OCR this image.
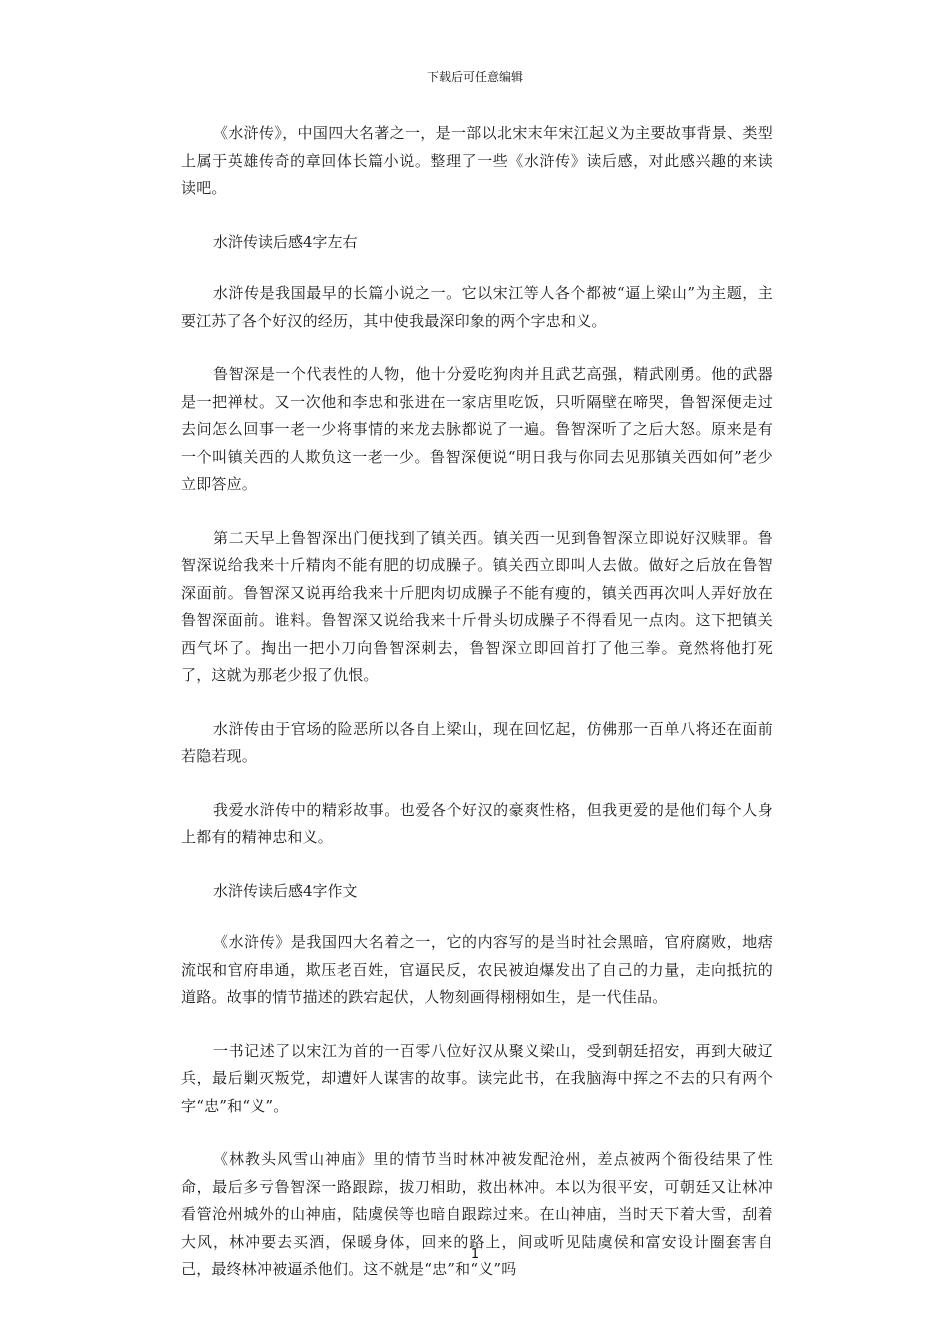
下载后可任意编辑

《水浒传》，中国四大名著之一，是一部以北宋末年宋江起义为主要故事背景、类型上属于英雄传奇的章回体长篇小说。整理了一些《水浒传》读后感，对此感兴趣的来读读吧。

水浒传读后感4字左右

水浒传是我国最早的长篇小说之一。它以宋江等人各个都被“逼上梁山”为主题，主要江苏了各个好汉的经历，其中使我最深印象的两个字忠和义。

鲁智深是一个代表性的人物，他十分爱吃狗肉并且武艺高强，精武刚勇。他的武器是一把禅杖。又一次他和李忠和张进在一家店里吃饭，只听隔壁在啼哭，鲁智深便走过去问怎么回事一老一少将事情的来龙去脉都说了一遍。鲁智深听了之后大怒。原来是有一个叫镇关西的人欺负这一老一少。鲁智深便说“明日我与你同去见那镇关西如何”老少立即答应。

第二天早上鲁智深出门便找到了镇关西。镇关西一见到鲁智深立即说好汉赎罪。鲁智深说给我来十斤精肉不能有肥的切成臊子。镇关西立即叫人去做。做好之后放在鲁智深面前。鲁智深又说再给我来十斤肥肉切成臊子不能有瘦的，镇关西再次叫人弄好放在鲁智深面前。谁料。鲁智深又说给我来十斤骨头切成臊子不得看见一点肉。这下把镇关西气坏了。掏出一把小刀向鲁智深刺去，鲁智深立即回首打了他三拳。竟然将他打死了，这就为那老少报了仇恨。

水浒传由于官场的险恶所以各自上梁山，现在回忆起，仿佛那一百单八将还在面前若隐若现。

我爱水浒传中的精彩故事。也爱各个好汉的豪爽性格，但我更爱的是他们每个人身上都有的精神忠和义。

水浒传读后感4字作文

《水浒传》是我国四大名着之一，它的内容写的是当时社会黑暗，官府腐败，地痞流氓和官府串通，欺压老百姓，官逼民反，农民被迫爆发出了自己的力量，走向抵抗的道路。故事的情节描述的跌宕起伏，人物刻画得栩栩如生，是一代佳品。

一书记述了以宋江为首的一百零八位好汉从聚义梁山，受到朝廷招安，再到大破辽兵，最后剿灭叛党，却遭奸人谋害的故事。读完此书，在我脑海中挥之不去的只有两个字“忠”和“义”。

《林教头风雪山神庙》里的情节当时林冲被发配沧州，差点被两个衙役结果了性命，最后多亏鲁智深一路跟踪，拔刀相助，救出林冲。本以为很平安，可朝廷又让林冲看管沧州城外的山神庙，陆虞侯等也暗自跟踪过来。在山神庙，当时天下着大雪，刮着大风，林冲要去买酒，保暖身体，回来的路上，间或听见陆虞侯和富安设计圈套害自己，最终林冲被逼杀他们。这不就是“忠”和“义”吗

1
